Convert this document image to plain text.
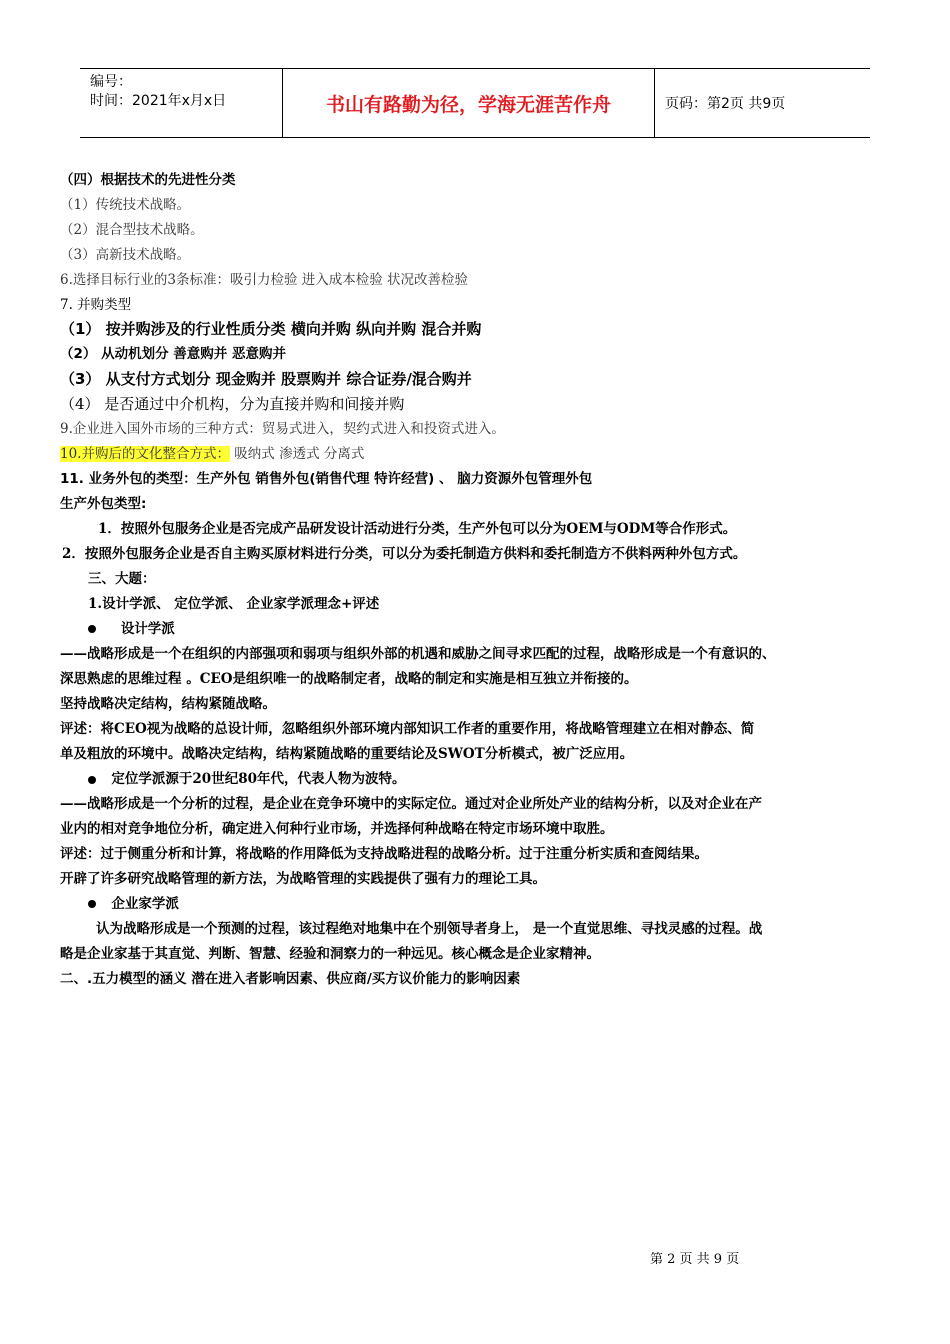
编号：
时间：2021年x月x日	书山有路勤为径，学海无涯苦作舟	页码：第2页 共9页
（四）根据技术的先进性分类
（1）传统技术战略。
（2）混合型技术战略。
（3）高新技术战略。
6.选择目标行业的3条标准：吸引力检验 进入成本检验 状况改善检验
7. 并购类型
（1） 按并购涉及的行业性质分类 横向并购 纵向并购 混合并购
（2） 从动机划分 善意购并 恶意购并
（3） 从支付方式划分 现金购并 股票购并 综合证券/混合购并
（4） 是否通过中介机构，分为直接并购和间接并购
9.企业进入国外市场的三种方式：贸易式进入，契约式进入和投资式进入。
10.并购后的文化整合方式： 吸纳式 渗透式 分离式
11. 业务外包的类型：生产外包 销售外包(销售代理 特许经营) 、 脑力资源外包管理外包
生产外包类型:
1．按照外包服务企业是否完成产品研发设计活动进行分类，生产外包可以分为OEM与ODM等合作形式。
2．按照外包服务企业是否自主购买原材料进行分类，可以分为委托制造方供料和委托制造方不供料两种外包方式。
三、大题：
1.设计学派、 定位学派、 企业家学派理念+评述
设计学派
——战略形成是一个在组织的内部强项和弱项与组织外部的机遇和威胁之间寻求匹配的过程，战略形成是一个有意识的、
深思熟虑的思维过程 。CEO是组织唯一的战略制定者，战略的制定和实施是相互独立并衔接的。
坚持战略决定结构，结构紧随战略。
评述：将CEO视为战略的总设计师，忽略组织外部环境内部知识工作者的重要作用，将战略管理建立在相对静态、简
单及粗放的环境中。战略决定结构，结构紧随战略的重要结论及SWOT分析模式，被广泛应用。
定位学派源于20世纪80年代，代表人物为波特。
——战略形成是一个分析的过程，是企业在竞争环境中的实际定位。通过对企业所处产业的结构分析，以及对企业在产
业内的相对竞争地位分析，确定进入何种行业市场，并选择何种战略在特定市场环境中取胜。
评述：过于侧重分析和计算，将战略的作用降低为支持战略进程的战略分析。过于注重分析实质和查阅结果。
开辟了许多研究战略管理的新方法，为战略管理的实践提供了强有力的理论工具。
企业家学派
认为战略形成是一个预测的过程，该过程绝对地集中在个别领导者身上， 是一个直觉思维、寻找灵感的过程。战
略是企业家基于其直觉、判断、智慧、经验和洞察力的一种远见。核心概念是企业家精神。
二、.五力模型的涵义 潜在进入者影响因素、供应商/买方议价能力的影响因素
第 2 页 共 9 页
